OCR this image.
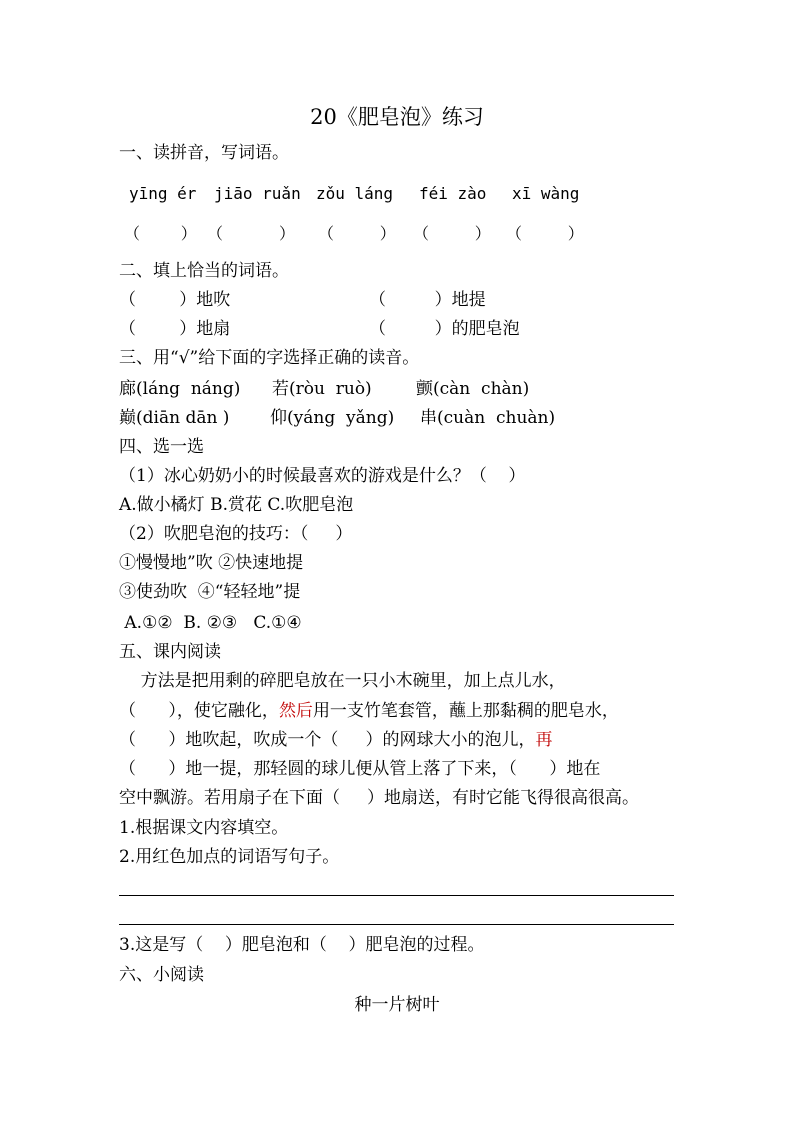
20《肥皂泡》练习
一、读拼音，写词语。
yīng ér jiāo ruǎn zǒu láng féi zào xī wàng
（        ） （           ） （         ） （         ） （         ）
二、填上恰当的词语。
（        ）地吹	（         ）地提
（        ）地扇	（         ）的肥皂泡
三、用“√”给下面的字选择正确的读音。
廊(láng  náng) 若(ròu  ruò)	颤(càn  chàn)
巅(diān dān ) 仰(yáng  yǎng) 串(cuàn  chuàn)
四、选一选
（1）冰心奶奶小的时候最喜欢的游戏是什么？（    ）
A.做小橘灯 B.赏花 C.吹肥皂泡
（2）吹肥皂泡的技巧：（     ）
①慢慢地”吹 ②快速地提
③使劲吹  ④“轻轻地”提
A.①②  B. ②③   C.①④
五、课内阅读
方法是把用剩的碎肥皂放在一只小木碗里，加上点儿水，
（      ），使它融化，然后用一支竹笔套管，蘸上那黏稠的肥皂水，
（      ）地吹起，吹成一个（     ）的网球大小的泡儿，再
（      ）地一提，那轻圆的球儿便从管上落了下来，（      ）地在
空中飘游。若用扇子在下面（     ）地扇送，有时它能飞得很高很高。
1.根据课文内容填空。
2.用红色加点的词语写句子。
3.这是写（    ）肥皂泡和（    ）肥皂泡的过程。
六、小阅读
种一片树叶
